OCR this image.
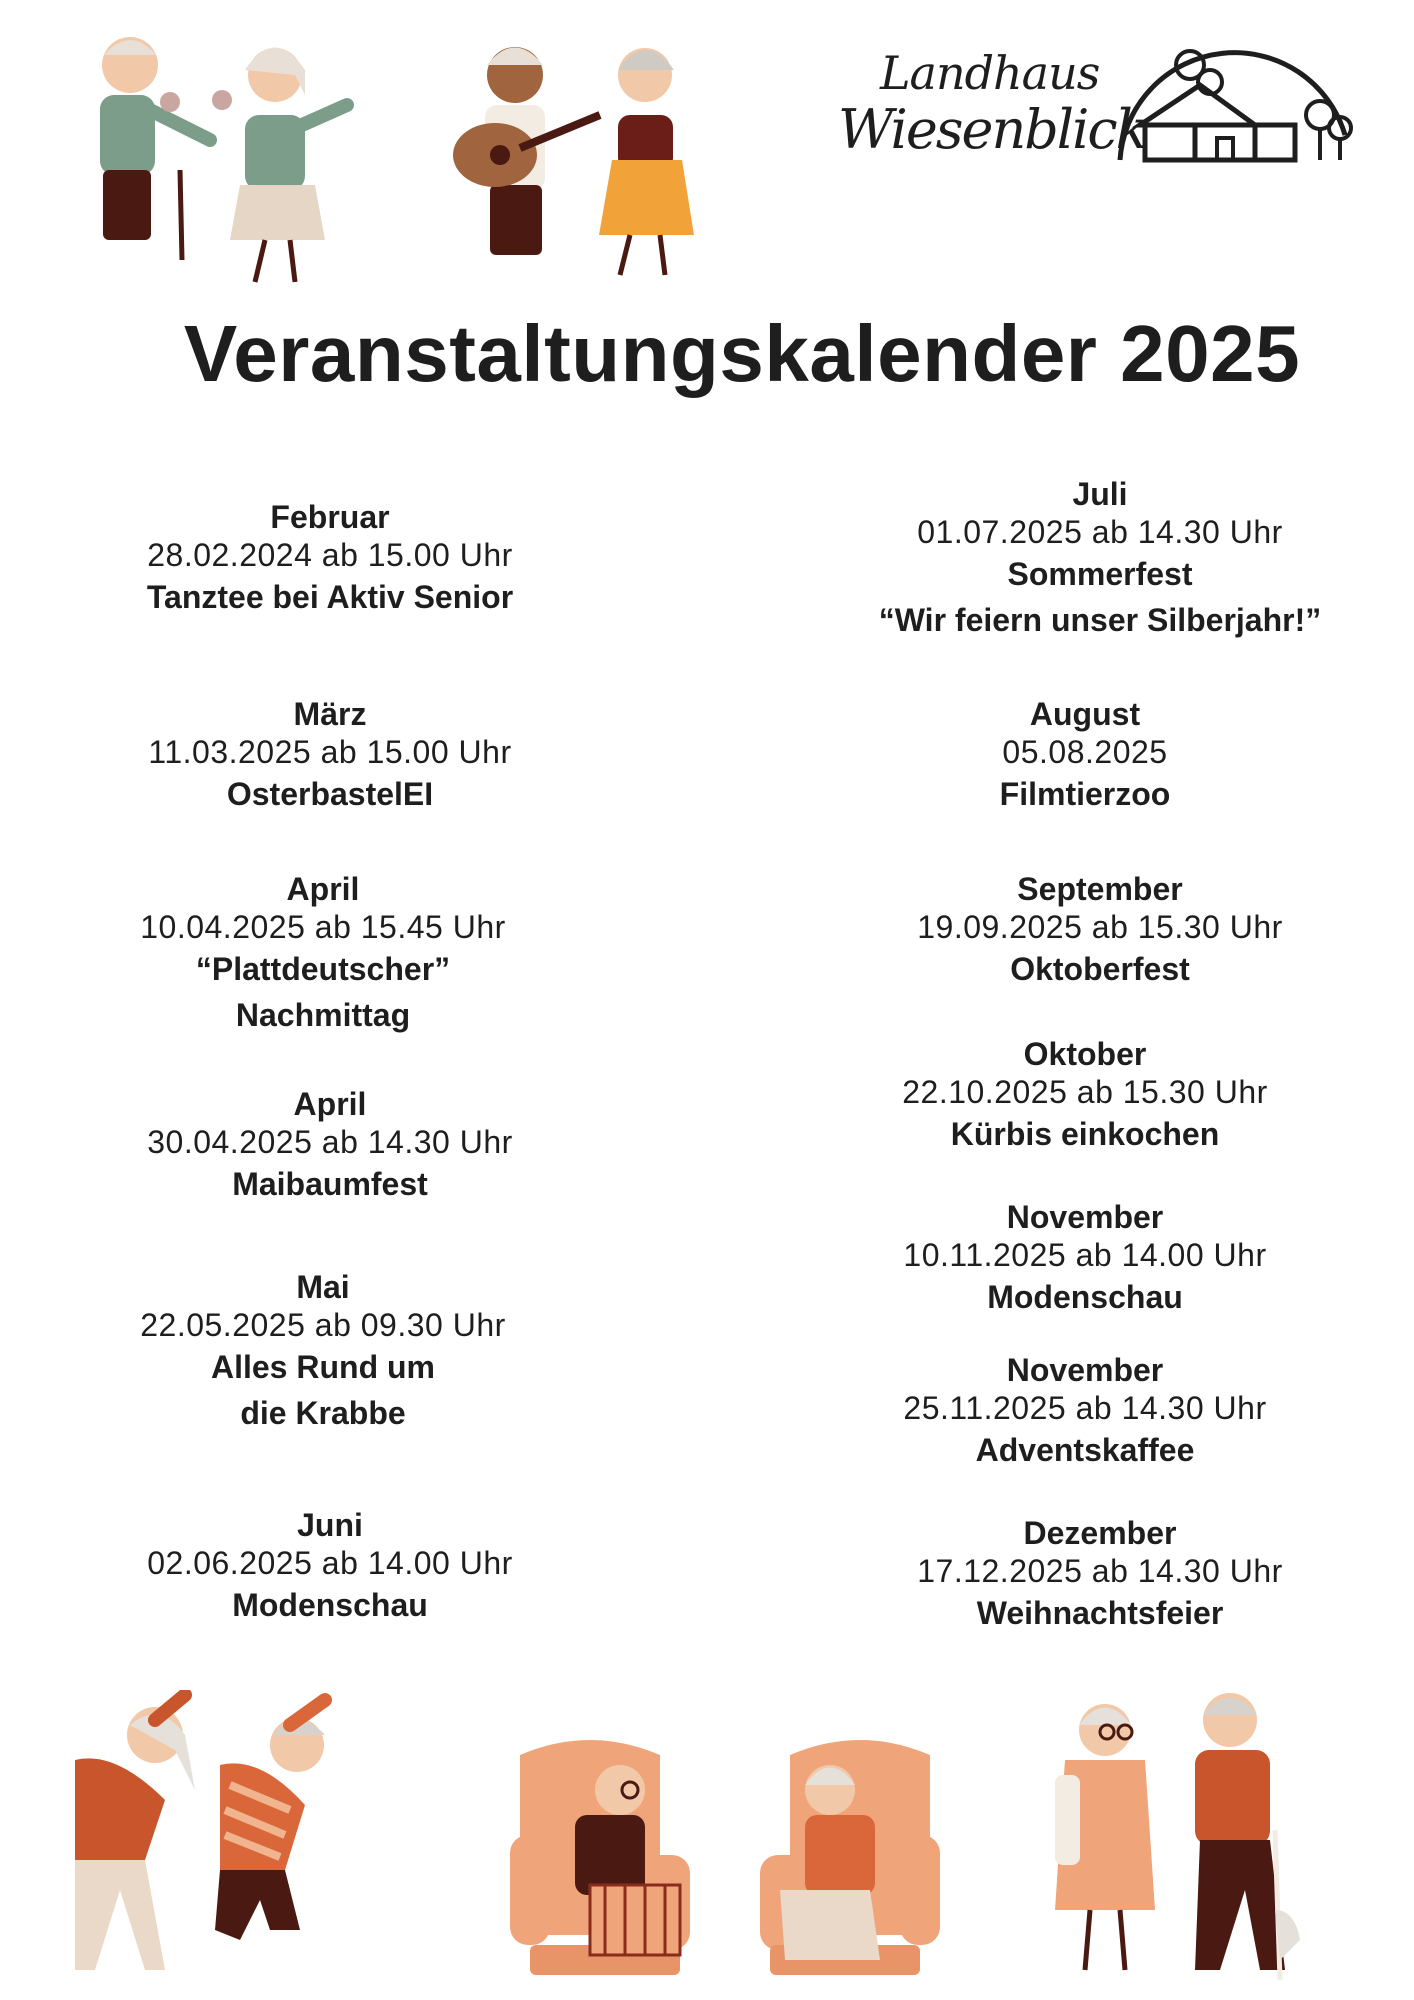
Landhaus
Wiesenblick
Veranstaltungskalender 2025
Februar
28.02.2024 ab 15.00 Uhr
Tanztee bei Aktiv Senior
März
11.03.2025 ab 15.00 Uhr
OsterbastelEI
April
10.04.2025 ab 15.45 Uhr
“Plattdeutscher”
Nachmittag
April
30.04.2025 ab 14.30 Uhr
Maibaumfest
Mai
22.05.2025 ab 09.30 Uhr
Alles Rund um
die Krabbe
Juni
02.06.2025 ab 14.00 Uhr
Modenschau
Juli
01.07.2025 ab 14.30 Uhr
Sommerfest
“Wir feiern unser Silberjahr!”
August
05.08.2025
Filmtierzoo
September
19.09.2025 ab 15.30 Uhr
Oktoberfest
Oktober
22.10.2025 ab 15.30 Uhr
Kürbis einkochen
November
10.11.2025 ab 14.00 Uhr
Modenschau
November
25.11.2025 ab 14.30 Uhr
Adventskaffee
Dezember
17.12.2025 ab 14.30 Uhr
Weihnachtsfeier
